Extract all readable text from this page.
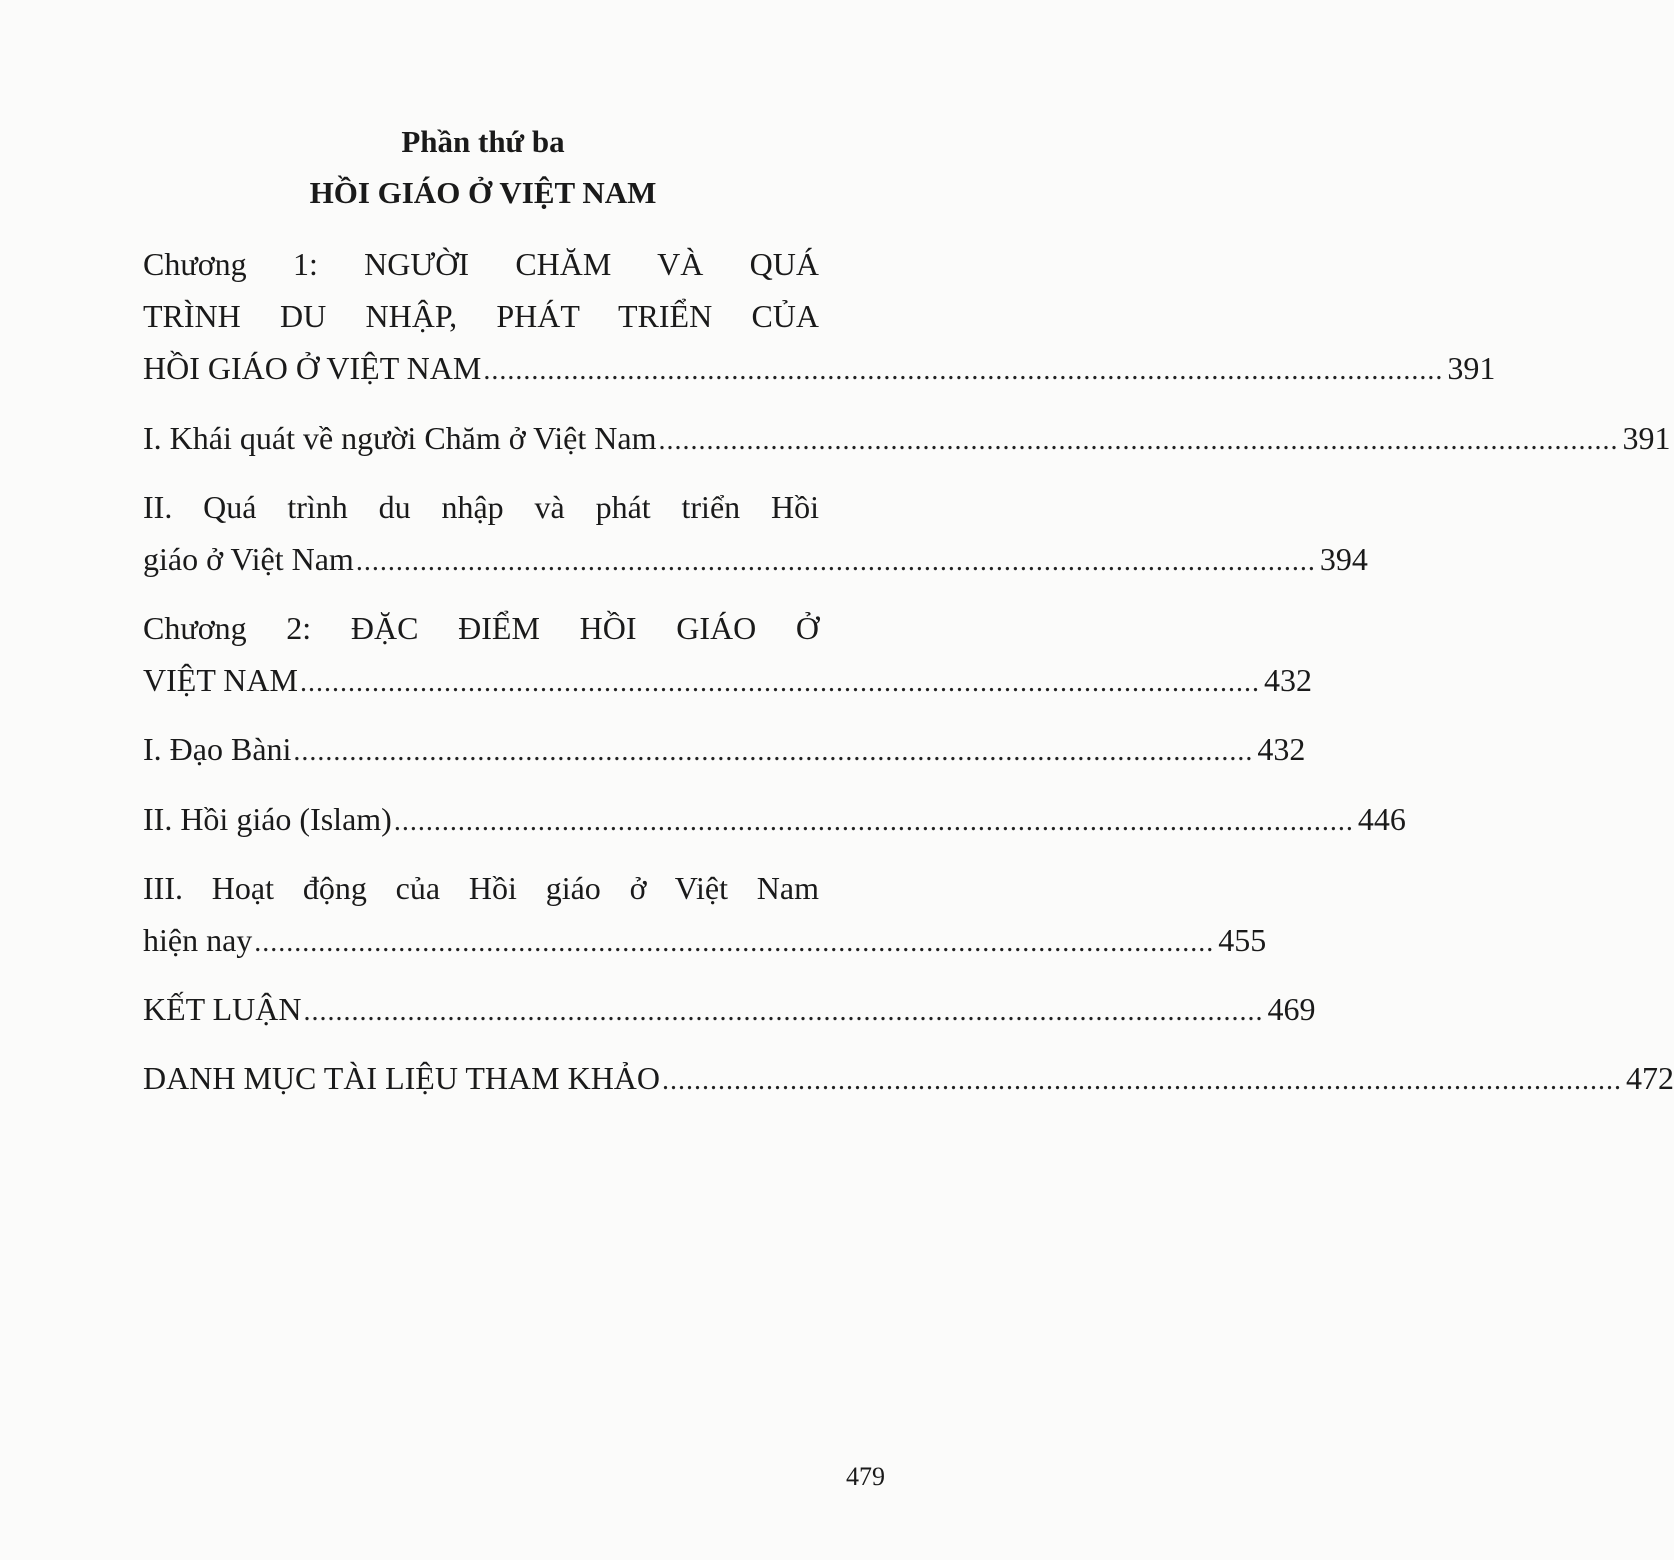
Phần thứ ba
HỒI GIÁO Ở VIỆT NAM
Chương 1: NGƯỜI CHĂM VÀ QUÁ
TRÌNH DU NHẬP, PHÁT TRIỂN CỦA
HỒI GIÁO Ở VIỆT NAM ........................................................................................................................ 391
I. Khái quát về người Chăm ở Việt Nam ........................................................................................................................ 391
II. Quá trình du nhập và phát triển Hồi
giáo ở Việt Nam ........................................................................................................................ 394
Chương 2: ĐẶC ĐIỂM HỒI GIÁO Ở
VIỆT NAM ........................................................................................................................ 432
I. Đạo Bàni ........................................................................................................................ 432
II. Hồi giáo (Islam) ........................................................................................................................ 446
III. Hoạt động của Hồi giáo ở Việt Nam
hiện nay ........................................................................................................................ 455
KẾT LUẬN ........................................................................................................................ 469
DANH MỤC TÀI LIỆU THAM KHẢO ........................................................................................................................ 472
479
